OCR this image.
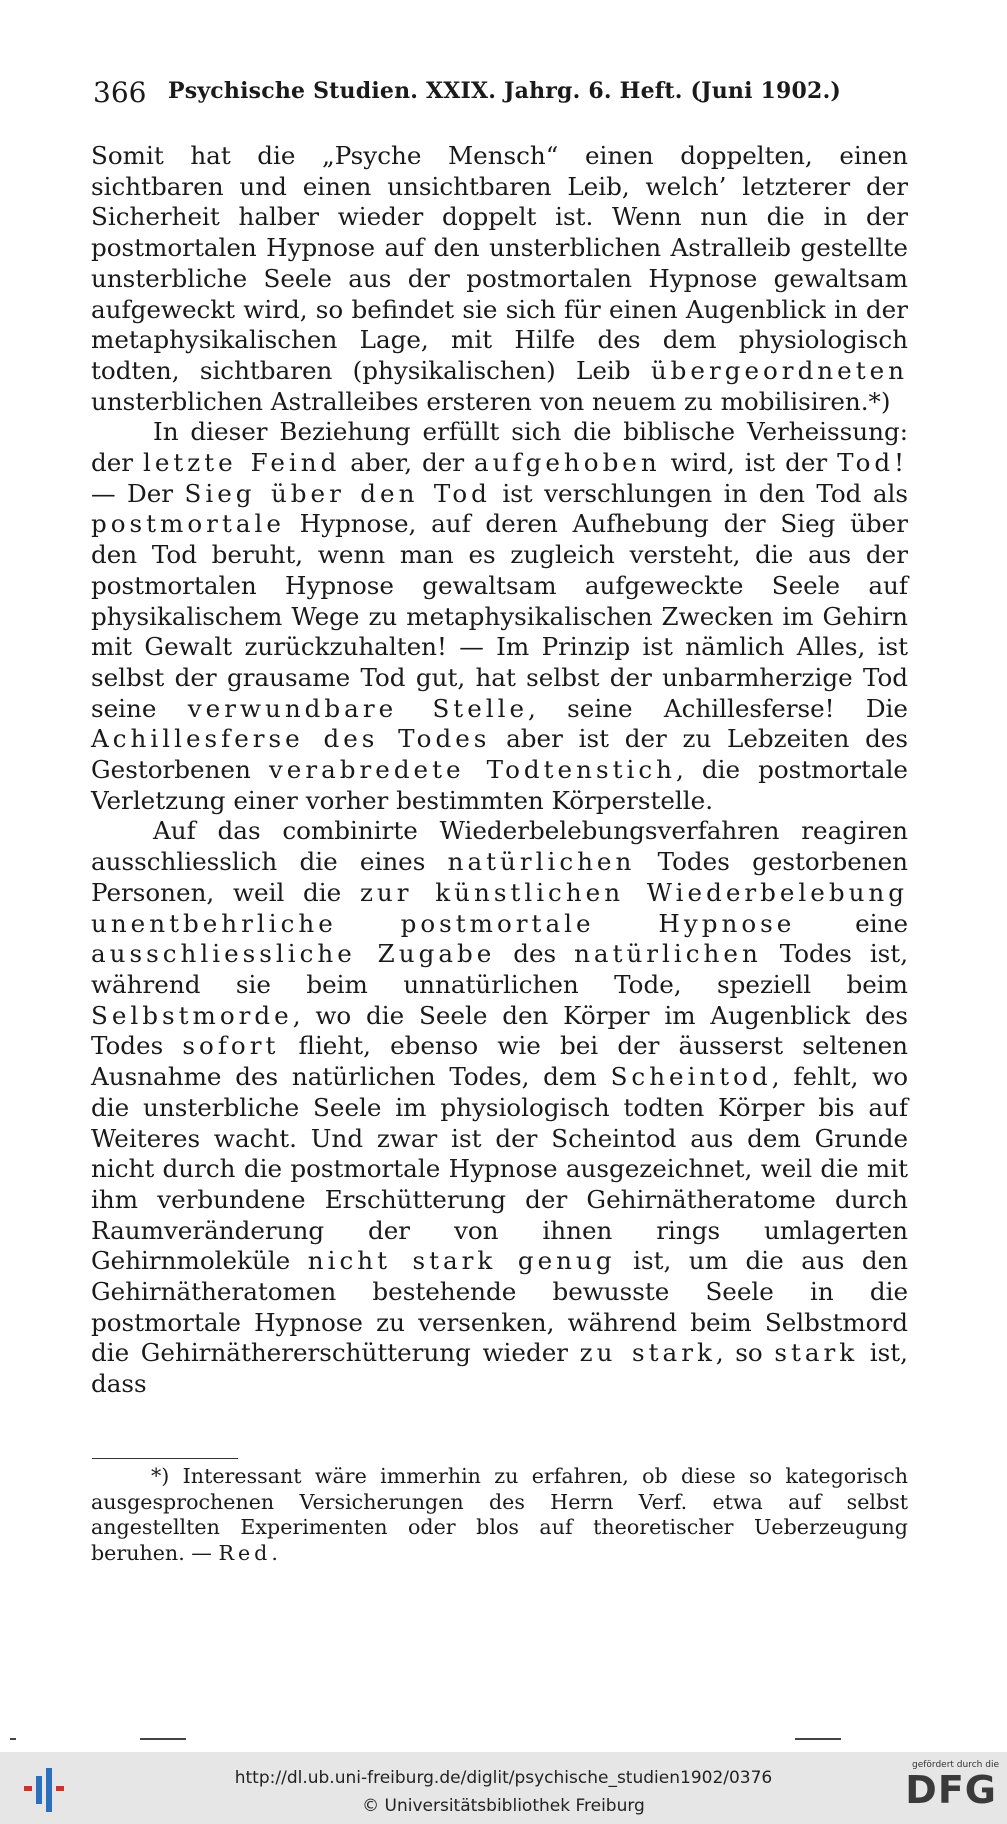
366 Psychische Studien. XXIX. Jahrg. 6. Heft. (Juni 1902.)

Somit hat die „Psyche Mensch“ einen doppelten, einen sichtbaren und einen unsichtbaren Leib, welch’ letzterer der Sicherheit halber wieder doppelt ist. Wenn nun die in der postmortalen Hypnose auf den unsterblichen Astralleib gestellte unsterbliche Seele aus der postmortalen Hypnose gewaltsam aufgeweckt wird, so befindet sie sich für einen Augenblick in der metaphysikalischen Lage, mit Hilfe des dem physiologisch todten, sichtbaren (physikalischen) Leib übergeordneten unsterblichen Astralleibes ersteren von neuem zu mobilisiren.*)

In dieser Beziehung erfüllt sich die biblische Verheissung: der letzte Feind aber, der aufgehoben wird, ist der Tod! — Der Sieg über den Tod ist verschlungen in den Tod als postmortale Hypnose, auf deren Aufhebung der Sieg über den Tod beruht, wenn man es zugleich versteht, die aus der postmortalen Hypnose gewaltsam aufgeweckte Seele auf physikalischem Wege zu metaphysikalischen Zwecken im Gehirn mit Gewalt zurückzuhalten! — Im Prinzip ist nämlich Alles, ist selbst der grausame Tod gut, hat selbst der unbarmherzige Tod seine verwundbare Stelle, seine Achillesferse! Die Achillesferse des Todes aber ist der zu Lebzeiten des Gestorbenen verabredete Todtenstich, die postmortale Verletzung einer vorher bestimmten Körperstelle.

Auf das combinirte Wiederbelebungsverfahren reagiren ausschliesslich die eines natürlichen Todes gestorbenen Personen, weil die zur künstlichen Wiederbelebung unentbehrliche postmortale Hypnose eine ausschliessliche Zugabe des natürlichen Todes ist, während sie beim unnatürlichen Tode, speziell beim Selbstmorde, wo die Seele den Körper im Augenblick des Todes sofort flieht, ebenso wie bei der äusserst seltenen Ausnahme des natürlichen Todes, dem Scheintod, fehlt, wo die unsterbliche Seele im physiologisch todten Körper bis auf Weiteres wacht. Und zwar ist der Scheintod aus dem Grunde nicht durch die postmortale Hypnose ausgezeichnet, weil die mit ihm verbundene Erschütterung der Gehirnätheratome durch Raumveränderung der von ihnen rings umlagerten Gehirnmoleküle nicht stark genug ist, um die aus den Gehirnätheratomen bestehende bewusste Seele in die postmortale Hypnose zu versenken, während beim Selbstmord die Gehirnäthererschütterung wieder zu stark, so stark ist, dass

*) Interessant wäre immerhin zu erfahren, ob diese so kategorisch ausgesprochenen Versicherungen des Herrn Verf. etwa auf selbst angestellten Experimenten oder blos auf theoretischer Ueberzeugung beruhen. — Red.
http://dl.ub.uni-freiburg.de/diglit/psychische_studien1902/0376
© Universitätsbibliothek Freiburg
gefördert durch die
DFG
